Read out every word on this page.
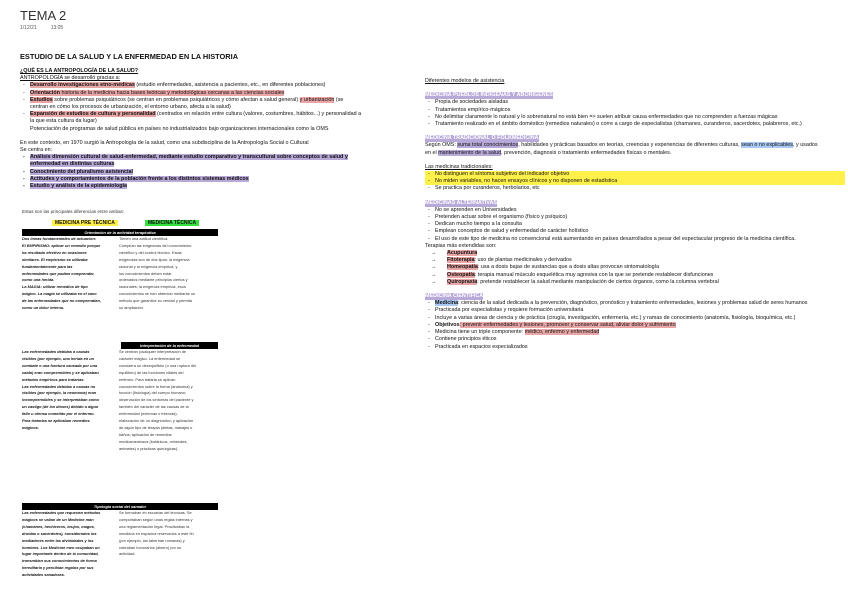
TEMA 2
1/12/21	13:05
ESTUDIO DE LA SALUD Y LA ENFERMEDAD EN LA HISTORIA

¿QUÉ ES LA ANTROPOLOGÍA DE LA SALUD?

ANTROPOLOGÍA se desarrolló gracias a:

- Desarrollo investigaciones etno-médicas (estudio enfermedades, asistencia a pacientes, etc., en diferentes poblaciones)

- Orientación historia de la medicina hacia bases teóricas y metodológicas cercanas a las ciencias sociales

- Estudios sobre problemas psiquiátricos (se centran en problemas psiquiátricos y cómo afectan a salud general) y urbanización (se

centran en cómo los procesos de urbanización, el entorno urbano, afecta a la salud)

- Expansión de estudios de cultura y personalidad (centrados en relación entre cultura (valores, costumbres, hábitos...) y personalidad a

la que esta cultura da lugar)

Potenciación de programas de salud pública en países no industrializados bajo organizaciones internacionales como la OMS

En este contexto, en 1970 surgió la Antropología de la salud, como una subdisciplina de la Antropología Social o Cultural

Se centra en:

- Análisis dimensión cultural de salud-enfermedad, mediante estudio comparativo y transcultural sobre conceptos de salud y

enfermedad en distintas culturas

- Conocimiento del pluralismo asistencial

- Actitudes y comportamientos de la población frente a los distintos sistemas médicos

- Estudio y análisis de la epidemiología

Estas son las principales diferencias entre ambas:
MEDICINA PRE TÉCNICA	MEDICINA TÉCNICA
Orientación de la actividad terapéutica
Dos líneas fundamentales de actuación:
El EMPIRISMO: aplicar un remedio porque
ha resultado efectivo en ocasiones
similares. El empirismo se utilizaba
fundamentalmente para las
enfermedades que podían comprender,
como una herida.
La MAGIA: utilizar remedios de tipo
mágico. La magia se utilizaba en el caso
de las enfermedades que no comprendían,
como un dolor interno.
Tienen una actitud científica.
Cumplían las exigencias del conocimiento
científico y del control técnico. Estas
exigencias son de dos tipos: la exigencia
racional y la exigencia empírica, y
los conocimientos deben estar
ordenados mediante principios ciertos y
racionales; la exigencia empírica, esos
conocimientos se han obtenido mediante un
método que garantice su verdad y permita
su ampliación.
Interpretación de la enfermedad
Las enfermedades debidas a causas
visibles (por ejemplo, una herida en un
combate o una fractura causada por una
caída) eran comprensibles y se aplicaban
métodos empíricos para tratarlas.
Las enfermedades debidas a causas no
visibles (por ejemplo, la neumonía) eran
incomprensibles y se interpretaban como
un castigo (de los dioses) debido a algún
fallo u ofensa cometido por el enfermo.
Para tratarlas se aplicaban remedios
mágicos.
Se centran (cualquier interpretación de
carácter mágico. La enfermedad se
considera un desequilibrio (o una ruptura del
equilibrio) de las funciones vitales del
enfermo. Para tratarla se aplican
conocimientos sobre la forma (anatomía) y
función (fisiología) del cuerpo humano;
observación de los síntomas del paciente y
también del carácter de las causas de la
enfermedad (externas o internas);
elaboración de un diagnóstico; y aplicación
de algún tipo de terapia (dietas, masajes o
baños; aplicación de remedios
medicamentosos (botánicos, minerales,
animales) o prácticas quirúrgicas).
Tipología social del sanador
Las enfermedades que requerían métodos
mágicos se valían de un Medicine man
(chamanes, hechiceros, brujos, magos,
druidas o sacerdotes), considerados los
mediadores entre las divinidades y los
hombres. Los Medicine men ocupaban un
lugar importante dentro de la comunidad,
transmitían sus conocimientos de forma
hereditaria y percibían regalos por sus
actividades sanadoras.
Se formaban en escuelas del técnicas. Se
comportaban según unas reglas internas y
una reglamentación legal. Practicaban la
medicina en espacios reservados a este fin
(por ejemplo, las tabernae romanas) y
cobraban honorarios (dinero) por su
actividad.

Diferentes modelos de asistencia

MEDICINA PUEBLOS INDÍGENAS Y ABORÍGENES

- Propia de sociedades aisladas

- Tratamientos empírico-mágicos

- No delimitar claramente lo natural y lo sobrenatural no está bien => suelen atribuir causa enfermedades que no comprenden a fuerzas mágicas

- Tratamiento realizado en el ámbito doméstico (remedios naturales) o corre a cargo de especialistas (chamanes, curanderos, sacerdotes, palabreros, etc.)

MEDICINA TRADICIONAL O FOLKMEDICINA

Según OMS: suma total conocimientos, habilidades y prácticas basados en teorías, creencias y experiencias de diferentes culturas, sean o no explicables, y usados

en el mantenimiento de la salud, prevención, diagnosis o tratamiento enfermedades físicas o mentales.

Las medicinas tradicionales:

- No distinguen el síntoma subjetivo del indicador objetivo

- No miden variables, no hacen ensayos clínicos y no disponen de estadística

- Se practica por curanderos, herbolarios, etc

MEDICINAS ALTERNATIVAS

- No se aprenden en Universidades

- Pretenden actuar sobre el organismo (físico y psíquico)

- Dedican mucho tiempo a la consulta

- Emplean conceptos de salud y enfermedad de carácter holístico

- El uso de este tipo de medicina no convencional está aumentando en países desarrollados a pesar del espectacular progreso de la medicina científica.

Terapias más extendidas son:

→ Acupuntura

→ Fitoterapia: uso de plantas medicinales y derivados

→ Homeopatía: usa a dosis bajas de sustancias que a dosis altas provocan sintomatología

→ Osteopatía: terapia manual músculo esquelética muy agresiva con la que se pretende restablecer disfunciones

→ Quiropraxia: pretende restablecer la salud mediante manipulación de ciertos órganos, como la columna vertebral

MEDICINA CIENTÍFICA

- Medicina: ciencia de la salud dedicada a la prevención, diagnóstico, pronóstico y tratamiento enfermedades, lesiones y problemas salud de seres humanos

- Practicada por especialistas y requiere formación universitaria

- Incluye a varias áreas de ciencia y de práctica (cirugía, investigación, enfermería, etc.) y ramas de conocimiento (anatomía, fisiología, bioquímica, etc.)

- Objetivos: prevenir enfermedades y lesiones, promover y conservar salud, aliviar dolor y sufrimiento

- Medicina tiene un triple componente: médico, enfermo y enfermedad

- Contiene principios éticos

- Practicada en espacios especializados
